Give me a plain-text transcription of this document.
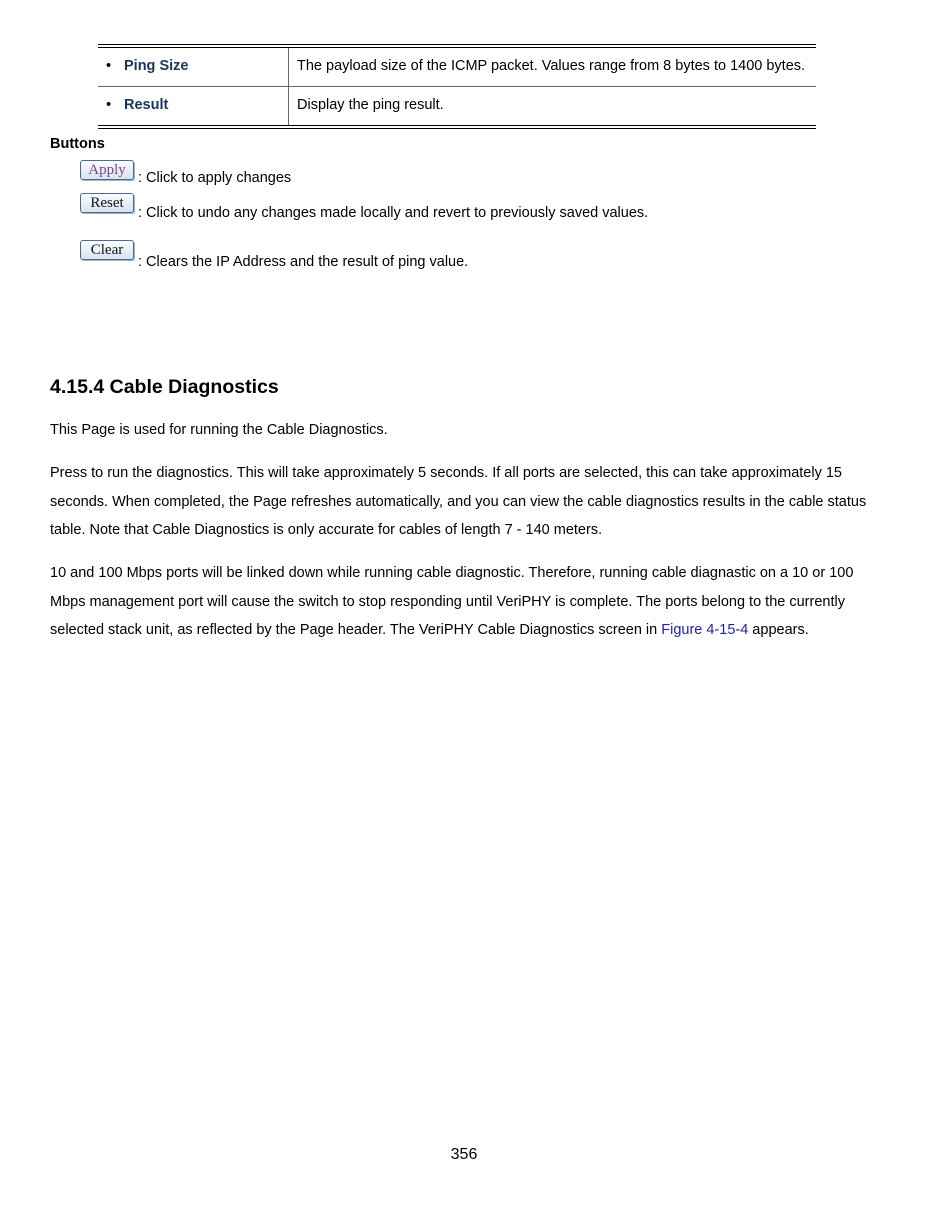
• Ping Size	The payload size of the ICMP packet. Values range from 8 bytes to 1400 bytes.

• Result	Display the ping result.
Buttons
Apply : Click to apply changes
Reset
: Click to undo any changes made locally and revert to previously saved values.
Clear
: Clears the IP Address and the result of ping value.
4.15.4 Cable Diagnostics

This Page is used for running the Cable Diagnostics.

Press to run the diagnostics. This will take approximately 5 seconds. If all ports are selected, this can take approximately 15 seconds. When completed, the Page refreshes automatically, and you can view the cable diagnostics results in the cable status table. Note that Cable Diagnostics is only accurate for cables of length 7 - 140 meters.

10 and 100 Mbps ports will be linked down while running cable diagnostic. Therefore, running cable diagnastic on a 10 or 100 Mbps management port will cause the switch to stop responding until VeriPHY is complete. The ports belong to the currently selected stack unit, as reflected by the Page header. The VeriPHY Cable Diagnostics screen in Figure 4-15-4 appears.

356
